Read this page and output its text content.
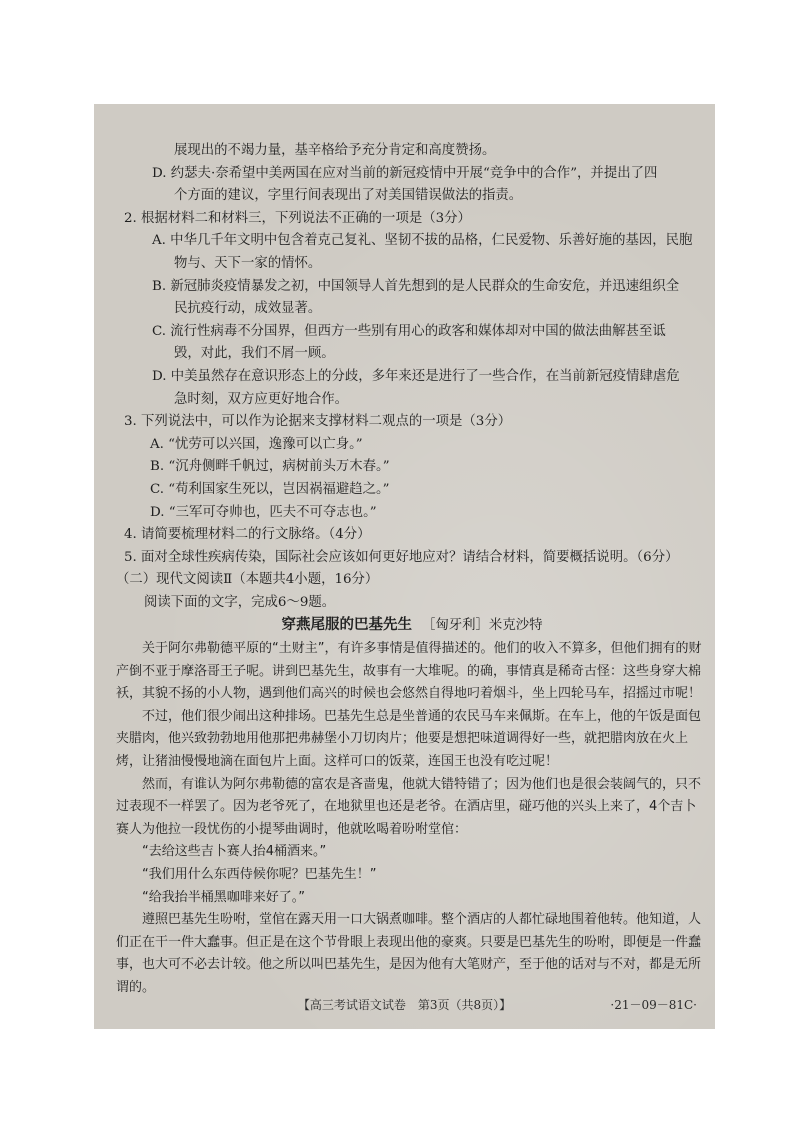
展现出的不竭力量，基辛格给予充分肯定和高度赞扬。

D. 约瑟夫·奈希望中美两国在应对当前的新冠疫情中开展“竞争中的合作”，并提出了四

个方面的建议，字里行间表现出了对美国错误做法的指责。

2. 根据材料二和材料三，下列说法不正确的一项是（3分）

A. 中华几千年文明中包含着克己复礼、坚韧不拔的品格，仁民爱物、乐善好施的基因，民胞

物与、天下一家的情怀。

B. 新冠肺炎疫情暴发之初，中国领导人首先想到的是人民群众的生命安危，并迅速组织全

民抗疫行动，成效显著。

C. 流行性病毒不分国界，但西方一些别有用心的政客和媒体却对中国的做法曲解甚至诋

毁，对此，我们不屑一顾。

D. 中美虽然存在意识形态上的分歧，多年来还是进行了一些合作，在当前新冠疫情肆虐危

急时刻，双方应更好地合作。

3. 下列说法中，可以作为论据来支撑材料二观点的一项是（3分）

A. “忧劳可以兴国，逸豫可以亡身。”

B. “沉舟侧畔千帆过，病树前头万木春。”

C. “苟利国家生死以，岂因祸福避趋之。”

D. “三军可夺帅也，匹夫不可夺志也。”

4. 请简要梳理材料二的行文脉络。（4分）

5. 面对全球性疾病传染，国际社会应该如何更好地应对？请结合材料，简要概括说明。（6分）

（二）现代文阅读Ⅱ（本题共4小题，16分）

阅读下面的文字，完成6～9题。

穿燕尾服的巴基先生 ［匈牙利］米克沙特

关于阿尔弗勒德平原的“土财主”，有许多事情是值得描述的。他们的收入不算多，但他们拥有的财产倒不亚于摩洛哥王子呢。讲到巴基先生，故事有一大堆呢。的确，事情真是稀奇古怪：这些身穿大棉袄，其貌不扬的小人物，遇到他们高兴的时候也会悠然自得地叼着烟斗，坐上四轮马车，招摇过市呢！

不过，他们很少闹出这种排场。巴基先生总是坐普通的农民马车来佩斯。在车上，他的午饭是面包夹腊肉，他兴致勃勃地用他那把弗赫堡小刀切肉片；他要是想把味道调得好一些，就把腊肉放在火上烤，让猪油慢慢地滴在面包片上面。这样可口的饭菜，连国王也没有吃过呢！

然而，有谁认为阿尔弗勒德的富农是吝啬鬼，他就大错特错了；因为他们也是很会装阔气的，只不过表现不一样罢了。因为老爷死了，在地狱里也还是老爷。在酒店里，碰巧他的兴头上来了，4个吉卜赛人为他拉一段忧伤的小提琴曲调时，他就吆喝着吩咐堂倌：

“去给这些吉卜赛人抬4桶酒来。”

“我们用什么东西侍候你呢？巴基先生！”

“给我抬半桶黑咖啡来好了。”

遵照巴基先生吩咐，堂倌在露天用一口大锅煮咖啡。整个酒店的人都忙碌地围着他转。他知道，人们正在干一件大蠢事。但正是在这个节骨眼上表现出他的豪爽。只要是巴基先生的吩咐，即便是一件蠢事，也大可不必去计较。他之所以叫巴基先生，是因为他有大笔财产，至于他的话对与不对，都是无所谓的。

【高三考试语文试卷　第3页（共8页）】	·21－09－81C·
